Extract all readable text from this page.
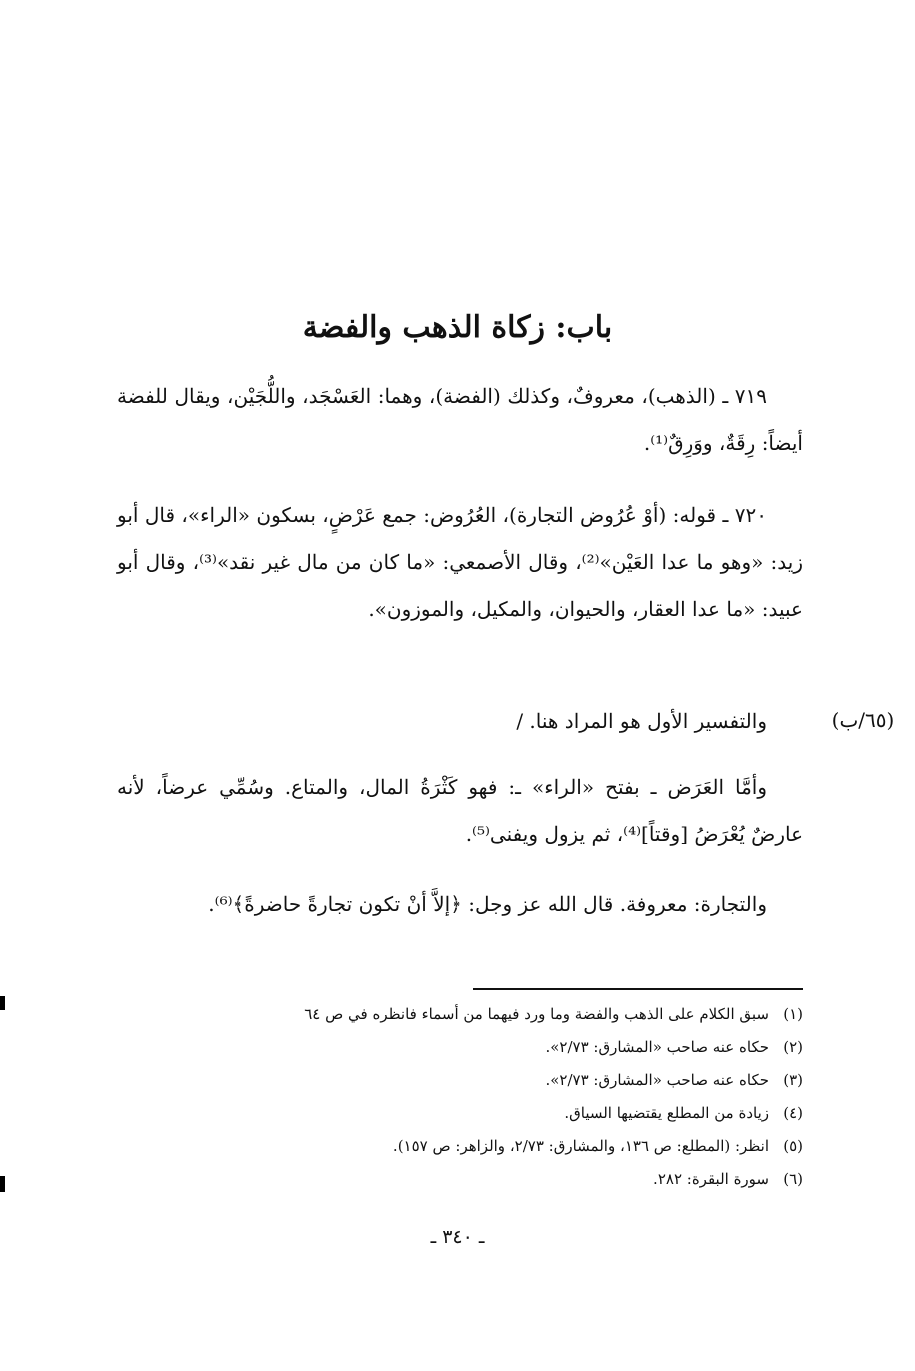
باب: زكاة الذهب والفضة

٧١٩ ـ (الذهب)، معروفٌ، وكذلك (الفضة)، وهما: العَسْجَد، واللُّجَيْن، ويقال للفضة أيضاً: رِقَةٌ، ووَرِقٌ⁽¹⁾.

٧٢٠ ـ قوله: (أوْ عُرُوض التجارة)، العُرُوض: جمع عَرْضٍ، بسكون «الراء»، قال أبو زيد: «وهو ما عدا العَيْن»⁽²⁾، وقال الأصمعي: «ما كان من مال غير نقد»⁽³⁾، وقال أبو عبيد: «ما عدا العقار، والحيوان، والمكيل، والموزون».

(٦٥/ب)

والتفسير الأول هو المراد هنا. /

وأمَّا العَرَض ـ بفتح «الراء» ـ: فهو كَثْرَةُ المال، والمتاع. وسُمِّي عرضاً، لأنه عارضٌ يُعْرَضُ [وقتاً]⁽⁴⁾، ثم يزول ويفنى⁽⁵⁾.

والتجارة: معروفة. قال الله عز وجل: ﴿إلاَّ أنْ تكون تجارةً حاضرةً﴾⁽⁶⁾.

(١)سبق الكلام على الذهب والفضة وما ورد فيهما من أسماء فانظره في ص ٦٤
(٢)حكاه عنه صاحب «المشارق: ٢/٧٣».
(٣)حكاه عنه صاحب «المشارق: ٢/٧٣».
(٤)زيادة من المطلع يقتضيها السياق.
(٥)انظر: (المطلع: ص ١٣٦، والمشارق: ٢/٧٣، والزاهر: ص ١٥٧).
(٦)سورة البقرة: ٢٨٢.
ـ ٣٤٠ ـ
